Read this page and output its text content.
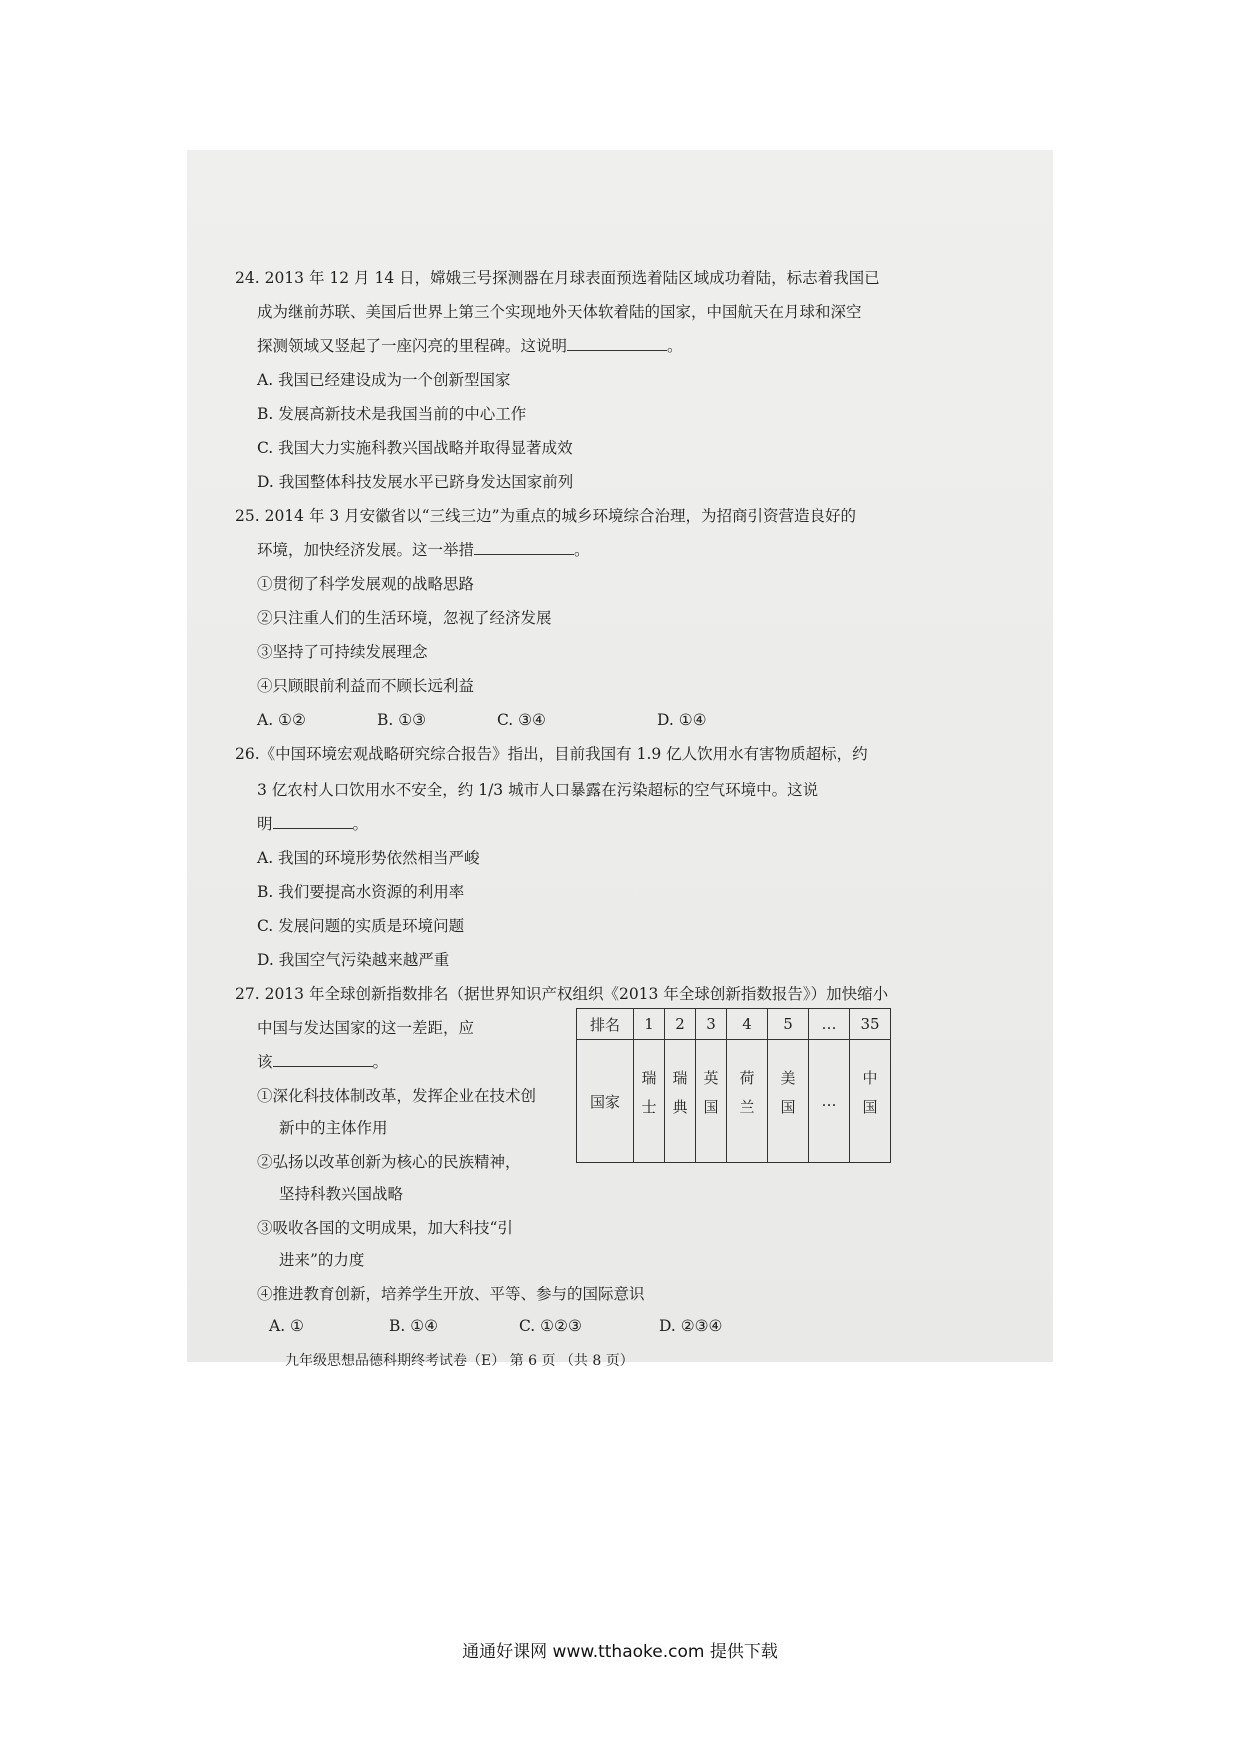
24. 2013 年 12 月 14 日，嫦娥三号探测器在月球表面预选着陆区域成功着陆，标志着我国已
成为继前苏联、美国后世界上第三个实现地外天体软着陆的国家，中国航天在月球和深空
探测领域又竖起了一座闪亮的里程碑。这说明	。
A. 我国已经建设成为一个创新型国家
B. 发展高新技术是我国当前的中心工作
C. 我国大力实施科教兴国战略并取得显著成效
D. 我国整体科技发展水平已跻身发达国家前列
25. 2014 年 3 月安徽省以“三线三边”为重点的城乡环境综合治理，为招商引资营造良好的
环境，加快经济发展。这一举措	。
①贯彻了科学发展观的战略思路
②只注重人们的生活环境，忽视了经济发展
③坚持了可持续发展理念
④只顾眼前利益而不顾长远利益
A. ①②	B. ①③	C. ③④	D. ①④
26.《中国环境宏观战略研究综合报告》指出，目前我国有 1.9 亿人饮用水有害物质超标，约
3 亿农村人口饮用水不安全，约 1/3 城市人口暴露在污染超标的空气环境中。这说
明	。
A. 我国的环境形势依然相当严峻
B. 我们要提高水资源的利用率
C. 发展问题的实质是环境问题
D. 我国空气污染越来越严重
27. 2013 年全球创新指数排名（据世界知识产权组织《2013 年全球创新指数报告》）加快缩小
中国与发达国家的这一差距，应
该	。
①深化科技体制改革，发挥企业在技术创
新中的主体作用
②弘扬以改革创新为核心的民族精神，
坚持科教兴国战略
③吸收各国的文明成果，加大科技“引
进来”的力度
④推进教育创新，培养学生开放、平等、参与的国际意识
A. ①	B. ①④	C. ①②③	D. ②③④
排名	1	2	3	4	5	…	35
国家	瑞士	瑞典	英国	荷兰	美国	…	中国
九年级思想品德科期终考试卷（E） 第 6 页 （共 8 页）
通通好课网 www.tthaoke.com 提供下载
